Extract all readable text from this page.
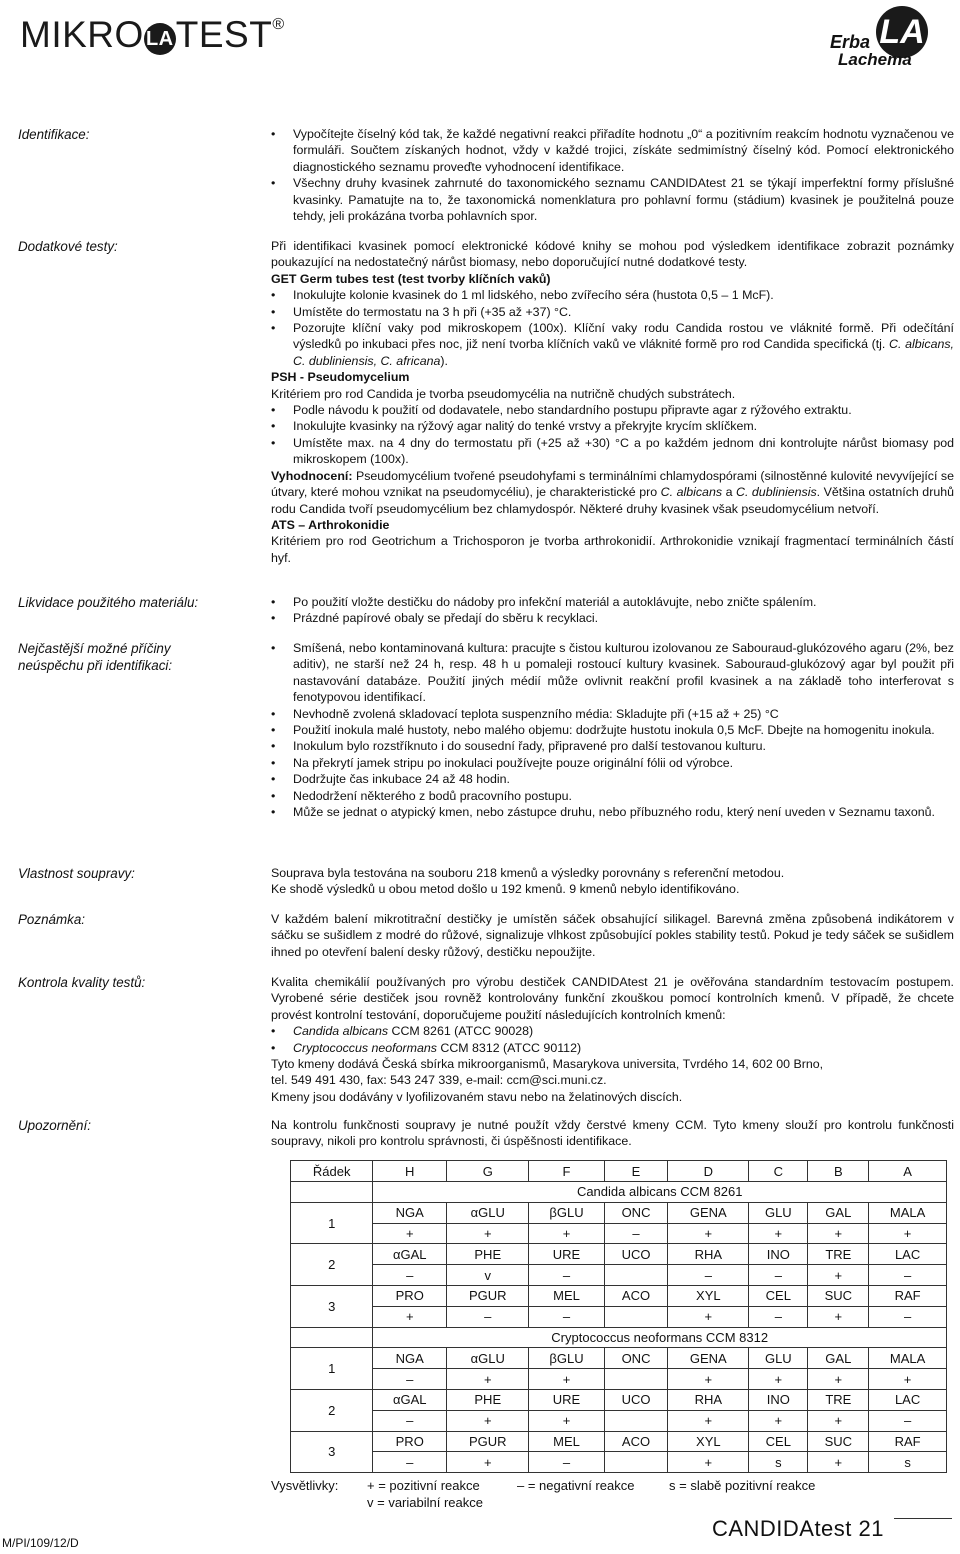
MIKRO LATEST®	LA
Erba
Lachema
Identifikace:	• Vypočítejte číselný kód tak, že každé negativní reakci přiřadíte hodnotu „0“ a pozitivním reakcím hodnotu vyznačenou ve formuláři. Součtem získaných hodnot, vždy v každé trojici, získáte sedmimístný číselný kód. Pomocí elektronického diagnostického seznamu proveďte vyhodnocení identifikace.
• Všechny druhy kvasinek zahrnuté do taxonomického seznamu CANDIDAtest 21 se týkají imperfektní formy příslušné kvasinky. Pamatujte na to, že taxonomická nomenklatura pro pohlavní formu (stádium) kvasinek je použitelná pouze tehdy, jeli prokázána tvorba pohlavních spor.
Dodatkové testy:	Při identifikaci kvasinek pomocí elektronické kódové knihy se mohou pod výsledkem identifikace zobrazit poznámky poukazující na nedostatečný nárůst biomasy, nebo doporučující nutné dodatkové testy.

GET Germ tubes test (test tvorby klíčních vaků)

• Inokulujte kolonie kvasinek do 1 ml lidského, nebo zvířecího séra (hustota 0,5 – 1 McF).
• Umístěte do termostatu na 3 h při (+35 až +37) °C.
• Pozorujte klíční vaky pod mikroskopem (100x). Klíční vaky rodu Candida rostou ve vláknité formě. Při odečítání výsledků po inkubaci přes noc, již není tvorba klíčních vaků ve vláknité formě pro rod Candida specifická (tj. C. albicans, C. dubliniensis, C. africana).

PSH - Pseudomycelium

Kritériem pro rod Candida je tvorba pseudomycélia na nutričně chudých substrátech.

• Podle návodu k použití od dodavatele, nebo standardního postupu připravte agar z rýžového extraktu.
• Inokulujte kvasinky na rýžový agar nalitý do tenké vrstvy a překryjte krycím sklíčkem.
• Umístěte max. na 4 dny do termostatu při (+25 až +30) °C a po každém jednom dni kontrolujte nárůst biomasy pod mikroskopem (100x).

Vyhodnocení: Pseudomycélium tvořené pseudohyfami s terminálními chlamydospórami (silnostěnné kulovité nevyvíjející se útvary, které mohou vznikat na pseudomycéliu), je charakteristické pro C. albicans a C. dubliniensis. Většina ostatních druhů rodu Candida tvoří pseudomycélium bez chlamydospór. Některé druhy kvasinek však pseudomycélium netvoří.

ATS – Arthrokonidie

Kritériem pro rod Geotrichum a Trichosporon je tvorba arthrokonidií. Arthrokonidie vznikají fragmentací terminálních částí hyf.

Likvidace použitého materiálu:	• Po použití vložte destičku do nádoby pro infekční materiál a autoklávujte, nebo zničte spálením.
• Prázdné papírové obaly se předají do sběru k recyklaci.
Nejčastější možné příčiny
neúspěchu při identifikaci:
• Smíšená, nebo kontaminovaná kultura: pracujte s čistou kulturou izolovanou ze Sabouraud-glukózového agaru (2%, bez aditiv), ne starší než 24 h, resp. 48 h u pomaleji rostoucí kultury kvasinek. Sabouraud-glukózový agar byl použit při nastavování databáze. Použití jiných médií může ovlivnit reakční profil kvasinek a na základě toho interferovat s fenotypovou identifikací.
• Nevhodně zvolená skladovací teplota suspenzního média: Skladujte při (+15 až + 25) °C
• Použití inokula malé hustoty, nebo malého objemu: dodržujte hustotu inokula 0,5 McF. Dbejte na homogenitu inokula.
• Inokulum bylo rozstříknuto i do sousední řady, připravené pro další testovanou kulturu.
• Na překrytí jamek stripu po inokulaci používejte pouze originální fólii od výrobce.
• Dodržujte čas inkubace 24 až 48 hodin.
• Nedodržení některého z bodů pracovního postupu.
• Může se jednat o atypický kmen, nebo zástupce druhu, nebo příbuzného rodu, který není uveden v Seznamu taxonů.
Vlastnost soupravy:	Souprava byla testována na souboru 218 kmenů a výsledky porovnány s referenční metodou.

Ke shodě výsledků u obou metod došlo u 192 kmenů. 9 kmenů nebylo identifikováno.

Poznámka:	V každém balení mikrotitrační destičky je umístěn sáček obsahující silikagel. Barevná změna způsobená indikátorem v sáčku se sušidlem z modré do růžové, signalizuje vlhkost způsobující pokles stability testů. Pokud je tedy sáček se sušidlem ihned po otevření balení desky růžový, destičku nepoužijte.

Kontrola kvality testů:	Kvalita chemikálií používaných pro výrobu destiček CANDIDAtest 21 je ověřována standardním testovacím postupem. Vyrobené série destiček jsou rovněž kontrolovány funkční zkouškou pomocí kontrolních kmenů. V případě, že chcete provést kontrolní testování, doporučujeme použití následujících kontrolních kmenů:

• Candida albicans CCM 8261 (ATCC 90028)
• Cryptococcus neoformans CCM 8312 (ATCC 90112)

Tyto kmeny dodává Česká sbírka mikroorganismů, Masarykova universita, Tvrdého 14, 602 00 Brno,

tel. 549 491 430, fax: 543 247 339, e-mail: ccm@sci.muni.cz.

Kmeny jsou dodávány v lyofilizovaném stavu nebo na želatinových discích.

Upozornění:	Na kontrolu funkčnosti soupravy je nutné použít vždy čerstvé kmeny CCM. Tyto kmeny slouží pro kontrolu funkčnosti soupravy, nikoli pro kontrolu správnosti, či úspěšnosti identifikace.

Řádek	H	G	F	E	D	C	B	A
	Candida albicans CCM 8261							
1	NGA	αGLU	βGLU	ONC	GENA	GLU	GAL	MALA
	+	+	+	–	+	+	+	+
2	αGAL	PHE	URE	UCO	RHA	INO	TRE	LAC
	–	v	–		–	–	+	–
3	PRO	PGUR	MEL	ACO	XYL	CEL	SUC	RAF
	+	–	–		+	–	+	–
	Cryptococcus neoformans CCM 8312							
1	NGA	αGLU	βGLU	ONC	GENA	GLU	GAL	MALA
	–	+	+		+	+	+	+
2	αGAL	PHE	URE	UCO	RHA	INO	TRE	LAC
	–	+	+		+	+	+	–
3	PRO	PGUR	MEL	ACO	XYL	CEL	SUC	RAF
	–	+	–		+	s	+	s
Vysvětlivky: + = pozitivní reakce	– = negativní reakce	s = slabě pozitivní reakce
v = variabilní reakce
M/PI/109/12/D
CANDIDAtest 21
